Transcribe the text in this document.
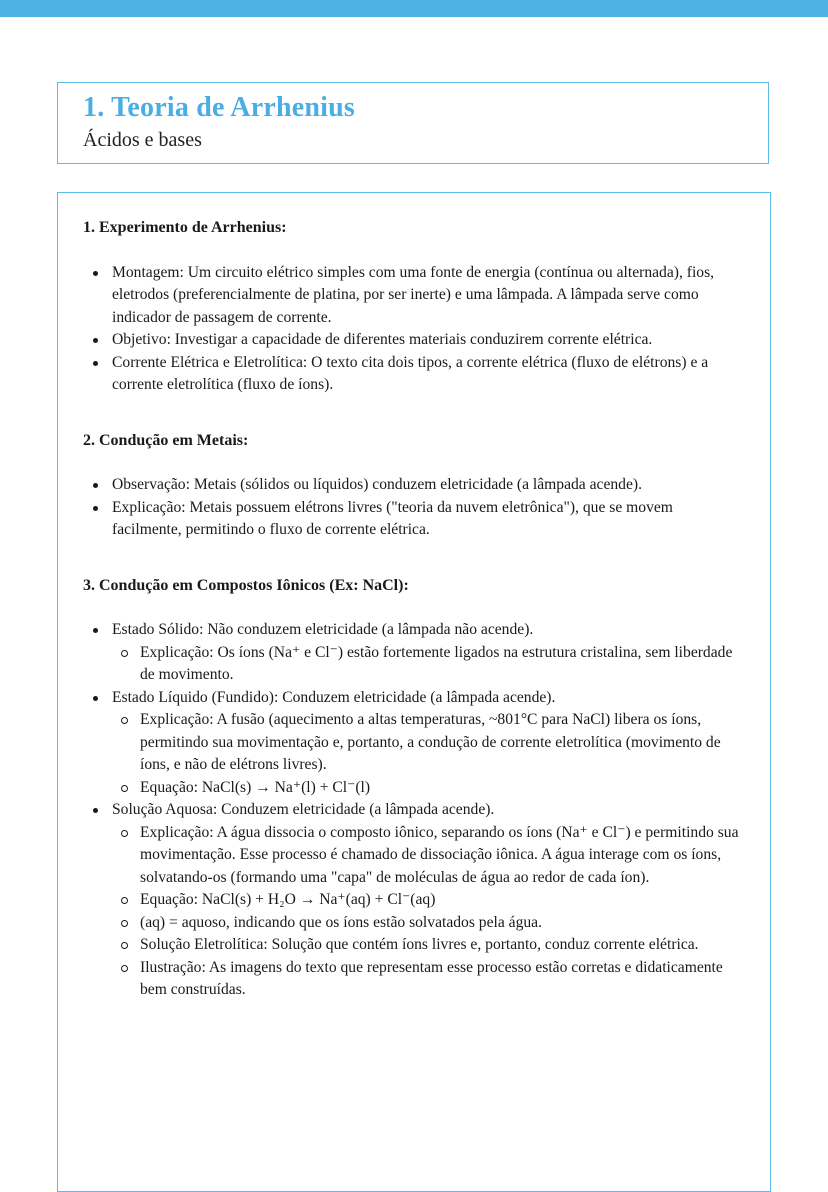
1. Teoria de Arrhenius
Ácidos e bases

1. Experimento de Arrhenius:

Montagem: Um circuito elétrico simples com uma fonte de energia (contínua ou alternada), fios, eletrodos (preferencialmente de platina, por ser inerte) e uma lâmpada. A lâmpada serve como indicador de passagem de corrente.
Objetivo: Investigar a capacidade de diferentes materiais conduzirem corrente elétrica.
Corrente Elétrica e Eletrolítica: O texto cita dois tipos, a corrente elétrica (fluxo de elétrons) e a corrente eletrolítica (fluxo de íons).

2. Condução em Metais:

Observação: Metais (sólidos ou líquidos) conduzem eletricidade (a lâmpada acende).
Explicação: Metais possuem elétrons livres ("teoria da nuvem eletrônica"), que se movem facilmente, permitindo o fluxo de corrente elétrica.

3. Condução em Compostos Iônicos (Ex: NaCl):

Estado Sólido: Não conduzem eletricidade (a lâmpada não acende).
Explicação: Os íons (Na⁺ e Cl⁻) estão fortemente ligados na estrutura cristalina, sem liberdade de movimento.
Estado Líquido (Fundido): Conduzem eletricidade (a lâmpada acende).
Explicação: A fusão (aquecimento a altas temperaturas, ~801°C para NaCl) libera os íons, permitindo sua movimentação e, portanto, a condução de corrente eletrolítica (movimento de íons, e não de elétrons livres).
Equação: NaCl(s) → Na⁺(l) + Cl⁻(l)
Solução Aquosa: Conduzem eletricidade (a lâmpada acende).
Explicação: A água dissocia o composto iônico, separando os íons (Na⁺ e Cl⁻) e permitindo sua movimentação. Esse processo é chamado de dissociação iônica. A água interage com os íons, solvatando-os (formando uma "capa" de moléculas de água ao redor de cada íon).
Equação: NaCl(s) + H₂O → Na⁺(aq) + Cl⁻(aq)
(aq) = aquoso, indicando que os íons estão solvatados pela água.
Solução Eletrolítica: Solução que contém íons livres e, portanto, conduz corrente elétrica.
Ilustração: As imagens do texto que representam esse processo estão corretas e didaticamente bem construídas.
